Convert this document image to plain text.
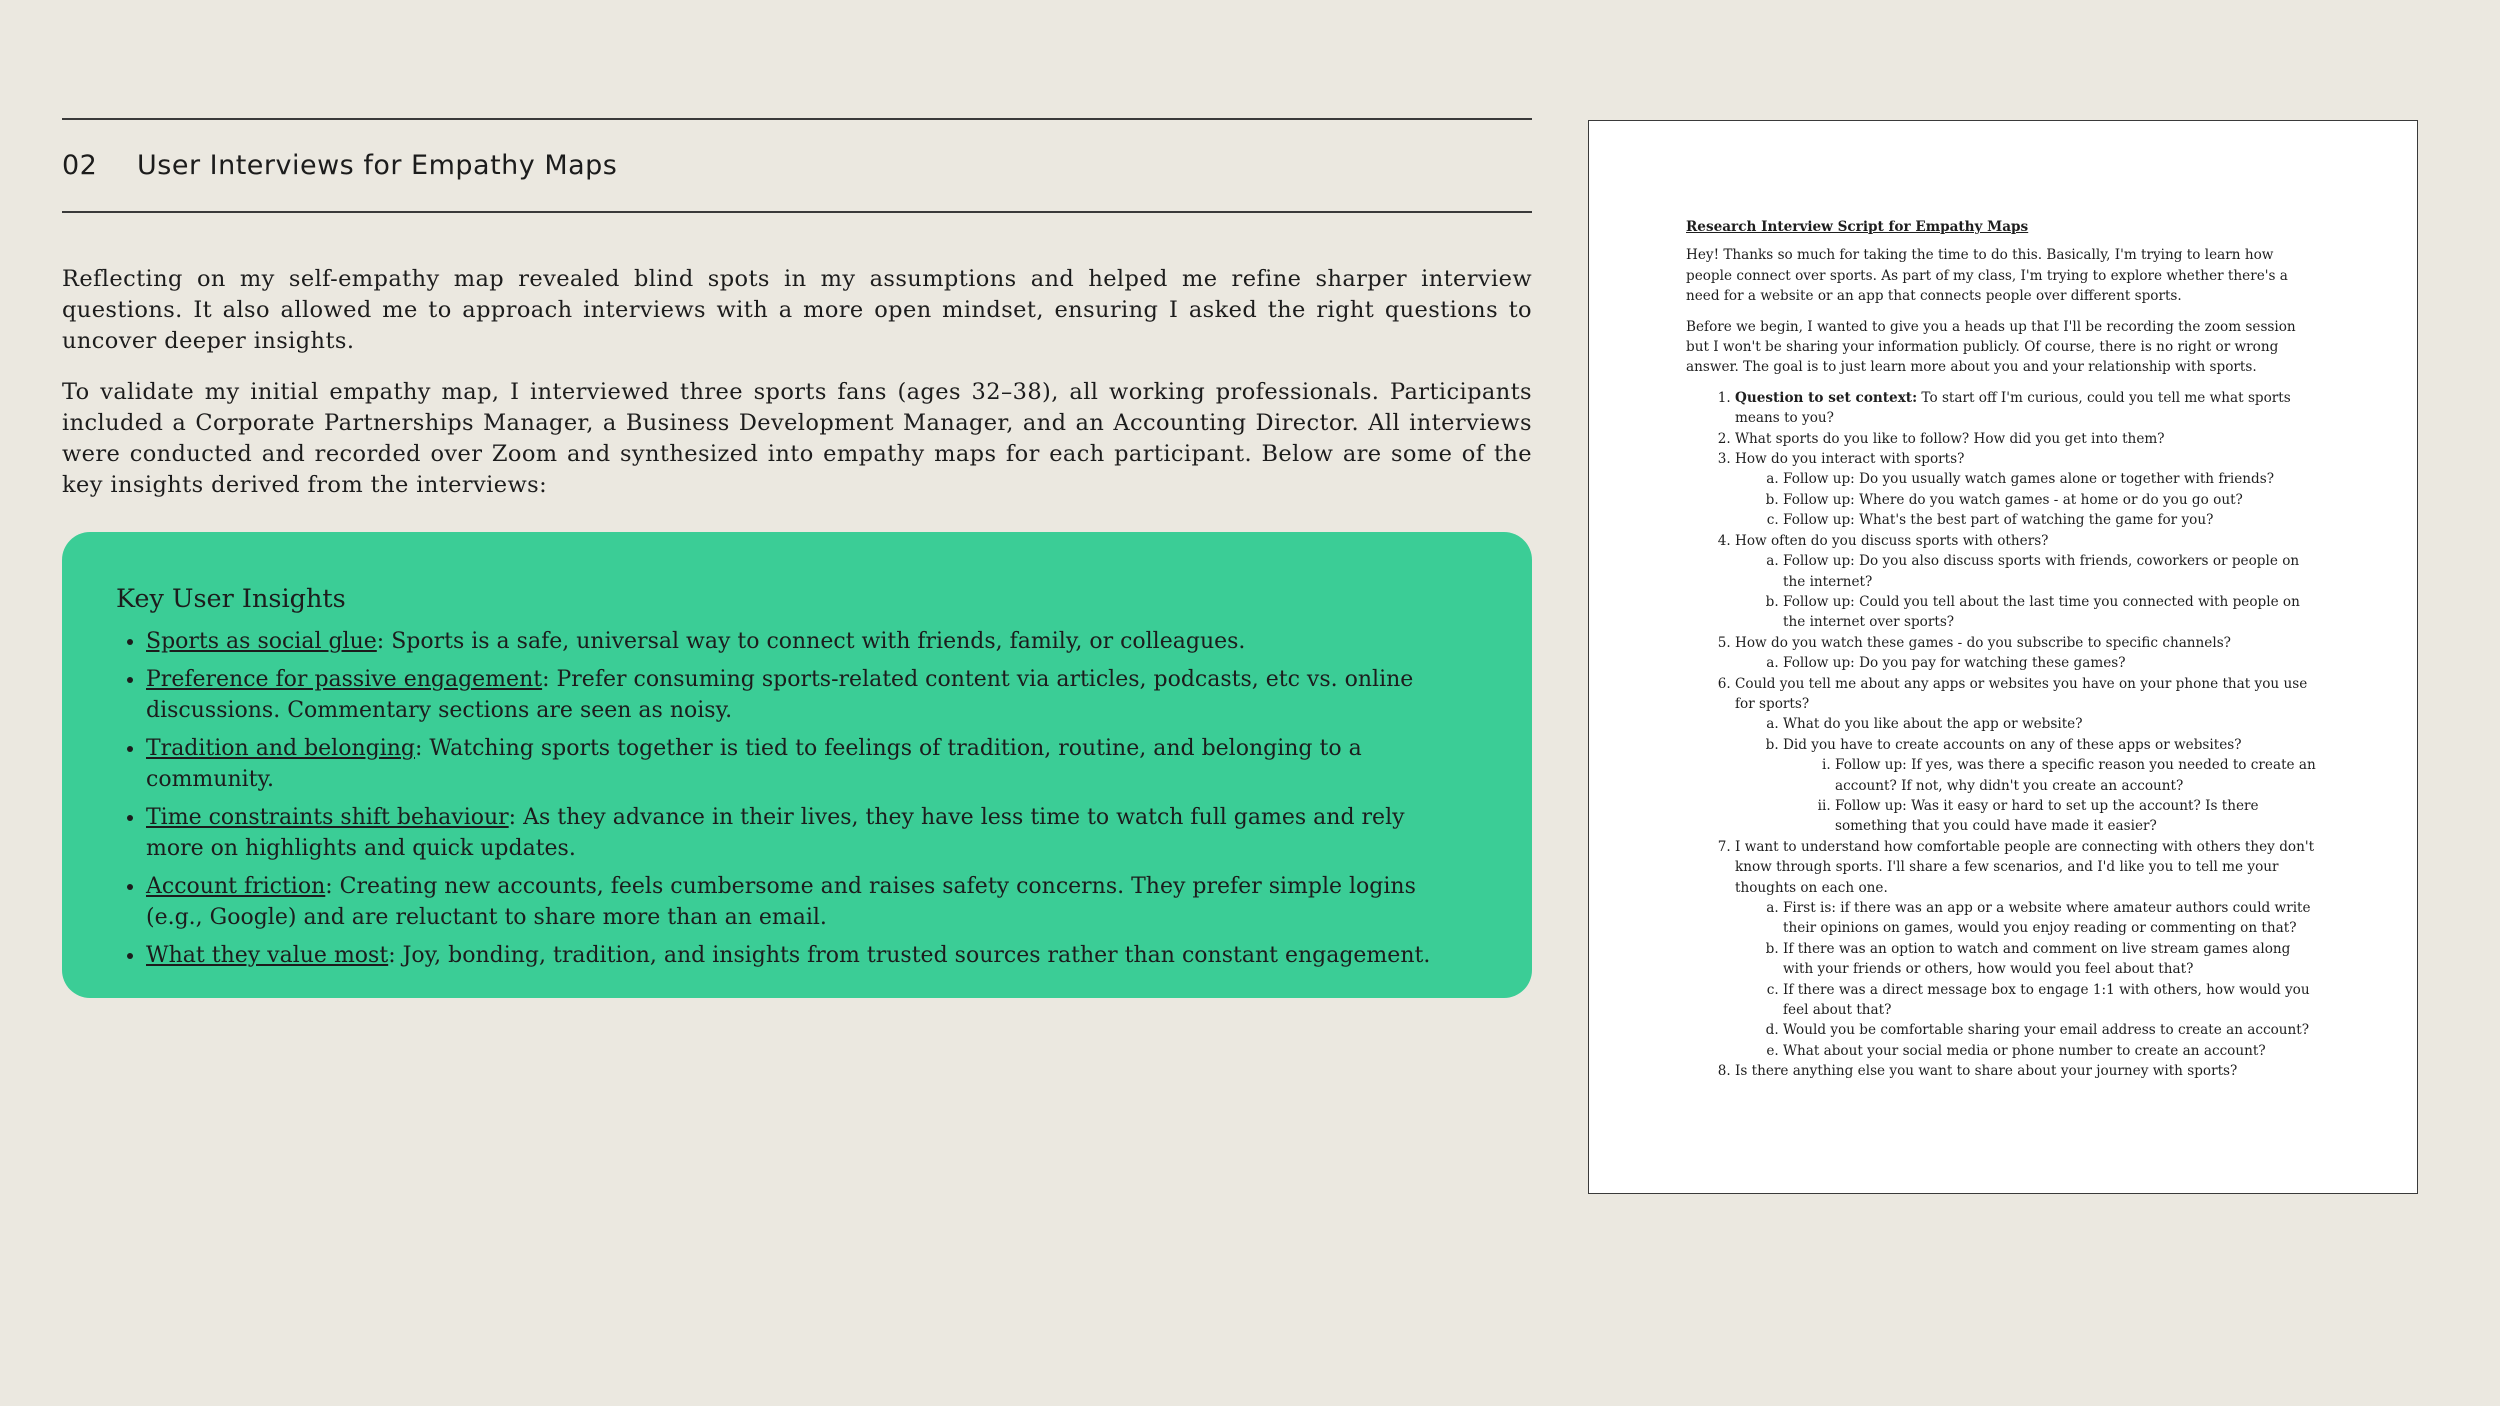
02	User Interviews for Empathy Maps

Reflecting on my self-empathy map revealed blind spots in my assumptions and helped me refine sharper interview questions. It also allowed me to approach interviews with a more open mindset, ensuring I asked the right questions to uncover deeper insights.

To validate my initial empathy map, I interviewed three sports fans (ages 32–38), all working professionals. Participants included a Corporate Partnerships Manager, a Business Development Manager, and an Accounting Director. All interviews were conducted and recorded over Zoom and synthesized into empathy maps for each participant. Below are some of the key insights derived from the interviews:

Key User Insights
• Sports as social glue: Sports is a safe, universal way to connect with friends, family, or colleagues.
• Preference for passive engagement: Prefer consuming sports-related content via articles, podcasts, etc vs. online discussions. Commentary sections are seen as noisy.
• Tradition and belonging: Watching sports together is tied to feelings of tradition, routine, and belonging to a community.
• Time constraints shift behaviour: As they advance in their lives, they have less time to watch full games and rely more on highlights and quick updates.
• Account friction: Creating new accounts, feels cumbersome and raises safety concerns. They prefer simple logins (e.g., Google) and are reluctant to share more than an email.
• What they value most: Joy, bonding, tradition, and insights from trusted sources rather than constant engagement.
Research Interview Script for Empathy Maps

Hey! Thanks so much for taking the time to do this. Basically, I'm trying to learn how people connect over sports. As part of my class, I'm trying to explore whether there's a need for a website or an app that connects people over different sports.

Before we begin, I wanted to give you a heads up that I'll be recording the zoom session but I won't be sharing your information publicly. Of course, there is no right or wrong answer. The goal is to just learn more about you and your relationship with sports.

1. Question to set context: To start off I'm curious, could you tell me what sports means to you?
2. What sports do you like to follow? How did you get into them?
3. How do you interact with sports?
a. Follow up: Do you usually watch games alone or together with friends?
b. Follow up: Where do you watch games - at home or do you go out?
c. Follow up: What's the best part of watching the game for you?
4. How often do you discuss sports with others?
a. Follow up: Do you also discuss sports with friends, coworkers or people on the internet?
b. Follow up: Could you tell about the last time you connected with people on the internet over sports?
5. How do you watch these games - do you subscribe to specific channels?
a. Follow up: Do you pay for watching these games?
6. Could you tell me about any apps or websites you have on your phone that you use for sports?
a. What do you like about the app or website?
b. Did you have to create accounts on any of these apps or websites?
i. Follow up: If yes, was there a specific reason you needed to create an account? If not, why didn't you create an account?
ii. Follow up: Was it easy or hard to set up the account? Is there something that you could have made it easier?
7. I want to understand how comfortable people are connecting with others they don't know through sports. I'll share a few scenarios, and I'd like you to tell me your thoughts on each one.
a. First is: if there was an app or a website where amateur authors could write their opinions on games, would you enjoy reading or commenting on that?
b. If there was an option to watch and comment on live stream games along with your friends or others, how would you feel about that?
c. If there was a direct message box to engage 1:1 with others, how would you feel about that?
d. Would you be comfortable sharing your email address to create an account?
e. What about your social media or phone number to create an account?
8. Is there anything else you want to share about your journey with sports?
